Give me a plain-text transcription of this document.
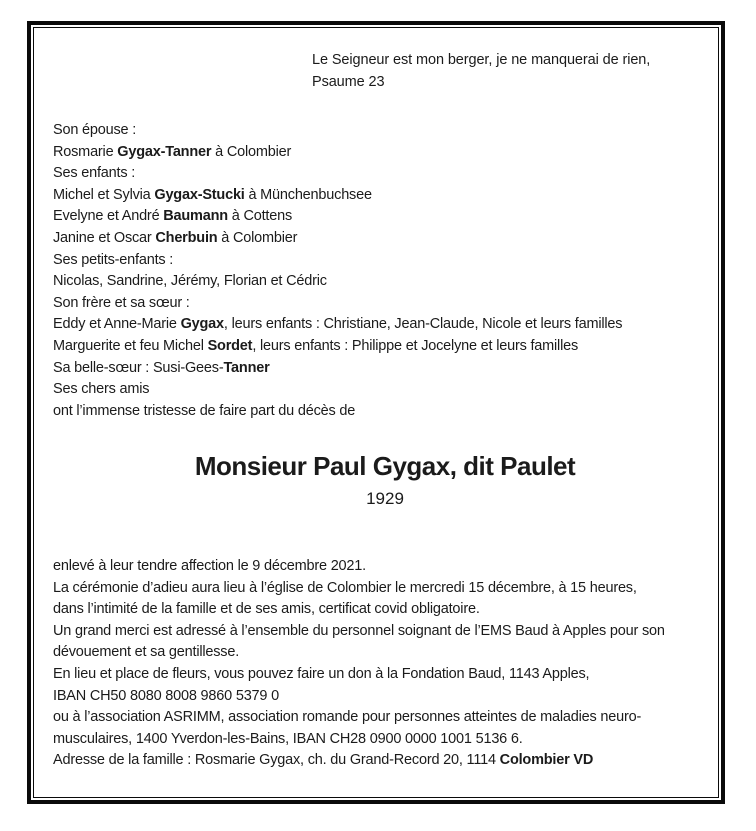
Le Seigneur est mon berger, je ne manquerai de rien,
Psaume 23
Son épouse :
Rosmarie Gygax-Tanner à Colombier
Ses enfants :
Michel et Sylvia Gygax-Stucki à Münchenbuchsee
Evelyne et André Baumann à Cottens
Janine et Oscar Cherbuin à Colombier
Ses petits-enfants :
Nicolas, Sandrine, Jérémy, Florian et Cédric
Son frère et sa sœur :
Eddy et Anne-Marie Gygax, leurs enfants : Christiane, Jean-Claude, Nicole et leurs familles
Marguerite et feu Michel Sordet, leurs enfants : Philippe et Jocelyne et leurs familles
Sa belle-sœur : Susi-Gees-Tanner
Ses chers amis
ont l’immense tristesse de faire part du décès de
Monsieur Paul Gygax, dit Paulet
1929
enlevé à leur tendre affection le 9 décembre 2021.
La cérémonie d’adieu aura lieu à l’église de Colombier le mercredi 15 décembre, à 15 heures,
dans l’intimité de la famille et de ses amis, certificat covid obligatoire.
Un grand merci est adressé à l’ensemble du personnel soignant de l’EMS Baud à Apples pour son
dévouement et sa gentillesse.
En lieu et place de fleurs, vous pouvez faire un don à la Fondation Baud, 1143 Apples,
IBAN CH50 8080 8008 9860 5379 0
ou à l’association ASRIMM, association romande pour personnes atteintes de maladies neuro-
musculaires, 1400 Yverdon-les-Bains, IBAN CH28 0900 0000 1001 5136 6.
Adresse de la famille : Rosmarie Gygax, ch. du Grand-Record 20, 1114 Colombier VD
